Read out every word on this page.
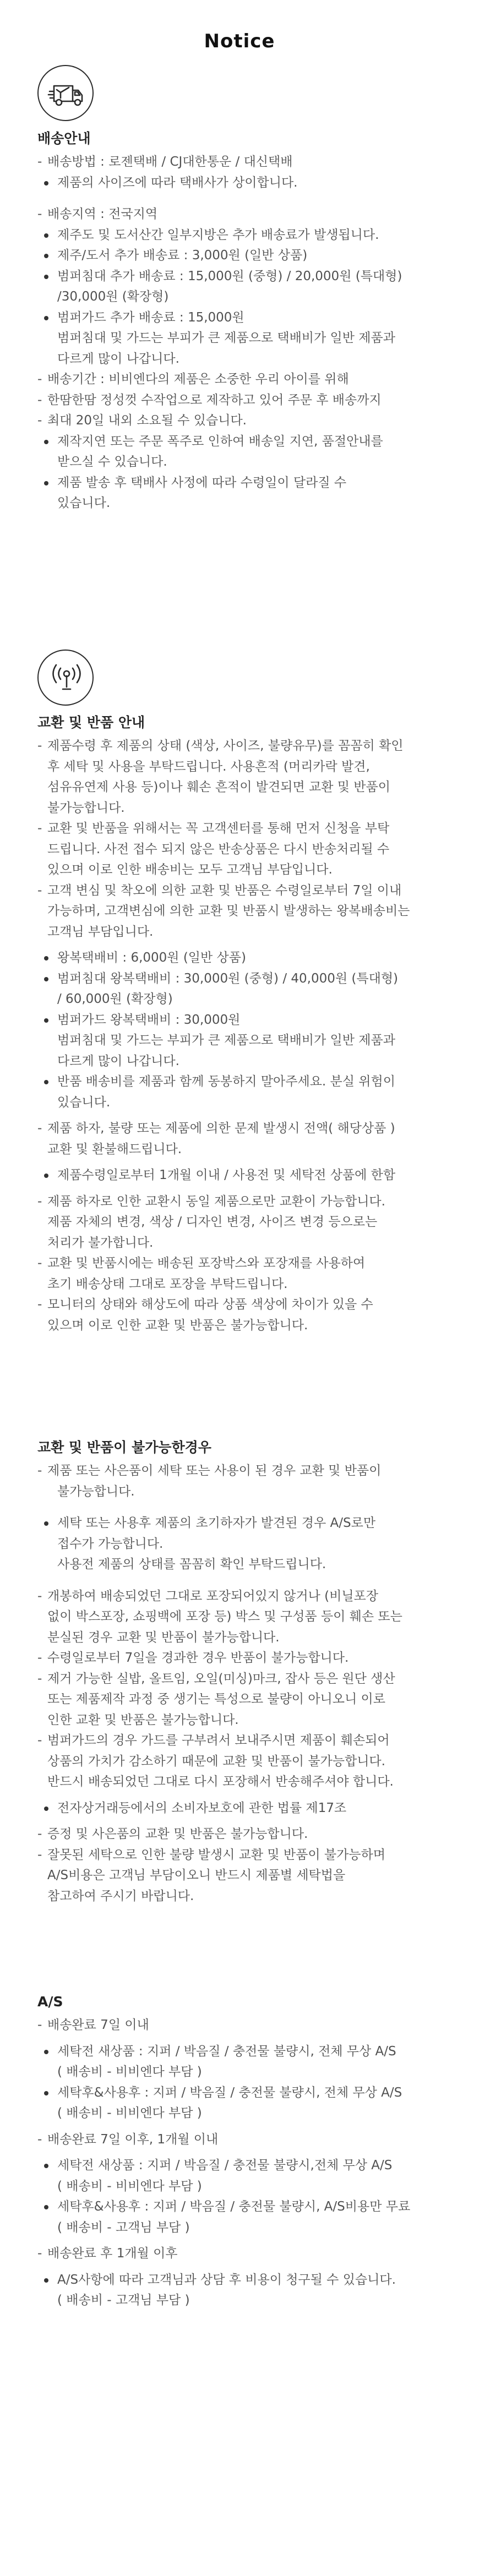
Notice
배송안내
- 배송방법 : 로젠택배 / CJ대한통운 / 대신택배
제품의 사이즈에 따라 택배사가 상이합니다.
- 배송지역 : 전국지역
제주도 및 도서산간 일부지방은 추가 배송료가 발생됩니다.
제주/도서 추가 배송료 : 3,000원 (일반 상품)
범퍼침대 추가 배송료 : 15,000원 (중형) / 20,000원 (특대형)
/30,000원 (확장형)
범퍼가드 추가 배송료 : 15,000원
범퍼침대 및 가드는 부피가 큰 제품으로 택배비가 일반 제품과
다르게 많이 나갑니다.
- 배송기간 : 비비엔다의 제품은 소중한 우리 아이를 위해
- 한땀한땀 정성껏 수작업으로 제작하고 있어 주문 후 배송까지
- 최대 20일 내외 소요될 수 있습니다.
제작지연 또는 주문 폭주로 인하여 배송일 지연, 품절안내를
받으실 수 있습니다.
제품 발송 후 택배사 사정에 따라 수령일이 달라질 수
있습니다.
교환 및 반품 안내
- 제품수령 후 제품의 상태 (색상, 사이즈, 불량유무)를 꼼꼼히 확인
후 세탁 및 사용을 부탁드립니다. 사용흔적 (머리카락 발견,
섬유유연제 사용 등)이나 훼손 흔적이 발견되면 교환 및 반품이
불가능합니다.
- 교환 및 반품을 위해서는 꼭 고객센터를 통해 먼저 신청을 부탁
드립니다. 사전 접수 되지 않은 반송상품은 다시 반송처리될 수
있으며 이로 인한 배송비는 모두 고객님 부담입니다.
- 고객 변심 및 착오에 의한 교환 및 반품은 수령일로부터 7일 이내
가능하며, 고객변심에 의한 교환 및 반품시 발생하는 왕복배송비는
고객님 부담입니다.
왕복택배비 : 6,000원 (일반 상품)
범퍼침대 왕복택배비 : 30,000원 (중형) / 40,000원 (특대형)
/ 60,000원 (확장형)
범퍼가드 왕복택배비 : 30,000원
범퍼침대 및 가드는 부피가 큰 제품으로 택배비가 일반 제품과
다르게 많이 나갑니다.
반품 배송비를 제품과 함께 동봉하지 말아주세요. 분실 위험이
있습니다.
- 제품 하자, 불량 또는 제품에 의한 문제 발생시 전액( 해당상품 )
교환 및 환불해드립니다.
제품수령일로부터 1개월 이내 / 사용전 및 세탁전 상품에 한함
- 제품 하자로 인한 교환시 동일 제품으로만 교환이 가능합니다.
제품 자체의 변경, 색상 / 디자인 변경, 사이즈 변경 등으로는
처리가 불가합니다.
- 교환 및 반품시에는 배송된 포장박스와 포장재를 사용하여
초기 배송상태 그대로 포장을 부탁드립니다.
- 모니터의 상태와 해상도에 따라 상품 색상에 차이가 있을 수
있으며 이로 인한 교환 및 반품은 불가능합니다.
교환 및 반품이 불가능한경우
- 제품 또는 사은품이 세탁 또는 사용이 된 경우 교환 및 반품이
불가능합니다.
세탁 또는 사용후 제품의 초기하자가 발견된 경우 A/S로만
접수가 가능합니다.
사용전 제품의 상태를 꼼꼼히 확인 부탁드립니다.
- 개봉하여 배송되었던 그대로 포장되어있지 않거나 (비닐포장
없이 박스포장, 쇼핑백에 포장 등) 박스 및 구성품 등이 훼손 또는
분실된 경우 교환 및 반품이 불가능합니다.
- 수령일로부터 7일을 경과한 경우 반품이 불가능합니다.
- 제거 가능한 실밥, 올트임, 오일(미싱)마크, 잡사 등은 원단 생산
또는 제품제작 과정 중 생기는 특성으로 불량이 아니오니 이로
인한 교환 및 반품은 불가능합니다.
- 범퍼가드의 경우 가드를 구부려서 보내주시면 제품이 훼손되어
상품의 가치가 감소하기 때문에 교환 및 반품이 불가능합니다.
반드시 배송되었던 그대로 다시 포장해서 반송해주셔야 합니다.
전자상거래등에서의 소비자보호에 관한 법률 제17조
- 증정 및 사은품의 교환 및 반품은 불가능합니다.
- 잘못된 세탁으로 인한 불량 발생시 교환 및 반품이 불가능하며
A/S비용은 고객님 부담이오니 반드시 제품별 세탁법을
참고하여 주시기 바랍니다.
A/S
- 배송완료 7일 이내
세탁전 새상품 : 지퍼 / 박음질 / 충전물 불량시, 전체 무상 A/S
( 배송비 - 비비엔다 부담 )
세탁후&사용후 : 지퍼 / 박음질 / 충전물 불량시, 전체 무상 A/S
( 배송비 - 비비엔다 부담 )
- 배송완료 7일 이후, 1개월 이내
세탁전 새상품 : 지퍼 / 박음질 / 충전물 불량시,전체 무상 A/S
( 배송비 - 비비엔다 부담 )
세탁후&사용후 : 지퍼 / 박음질 / 충전물 불량시, A/S비용만 무료
( 배송비 - 고객님 부담 )
- 배송완료 후 1개월 이후
A/S사항에 따라 고객님과 상담 후 비용이 청구될 수 있습니다.
( 배송비 - 고객님 부담 )
